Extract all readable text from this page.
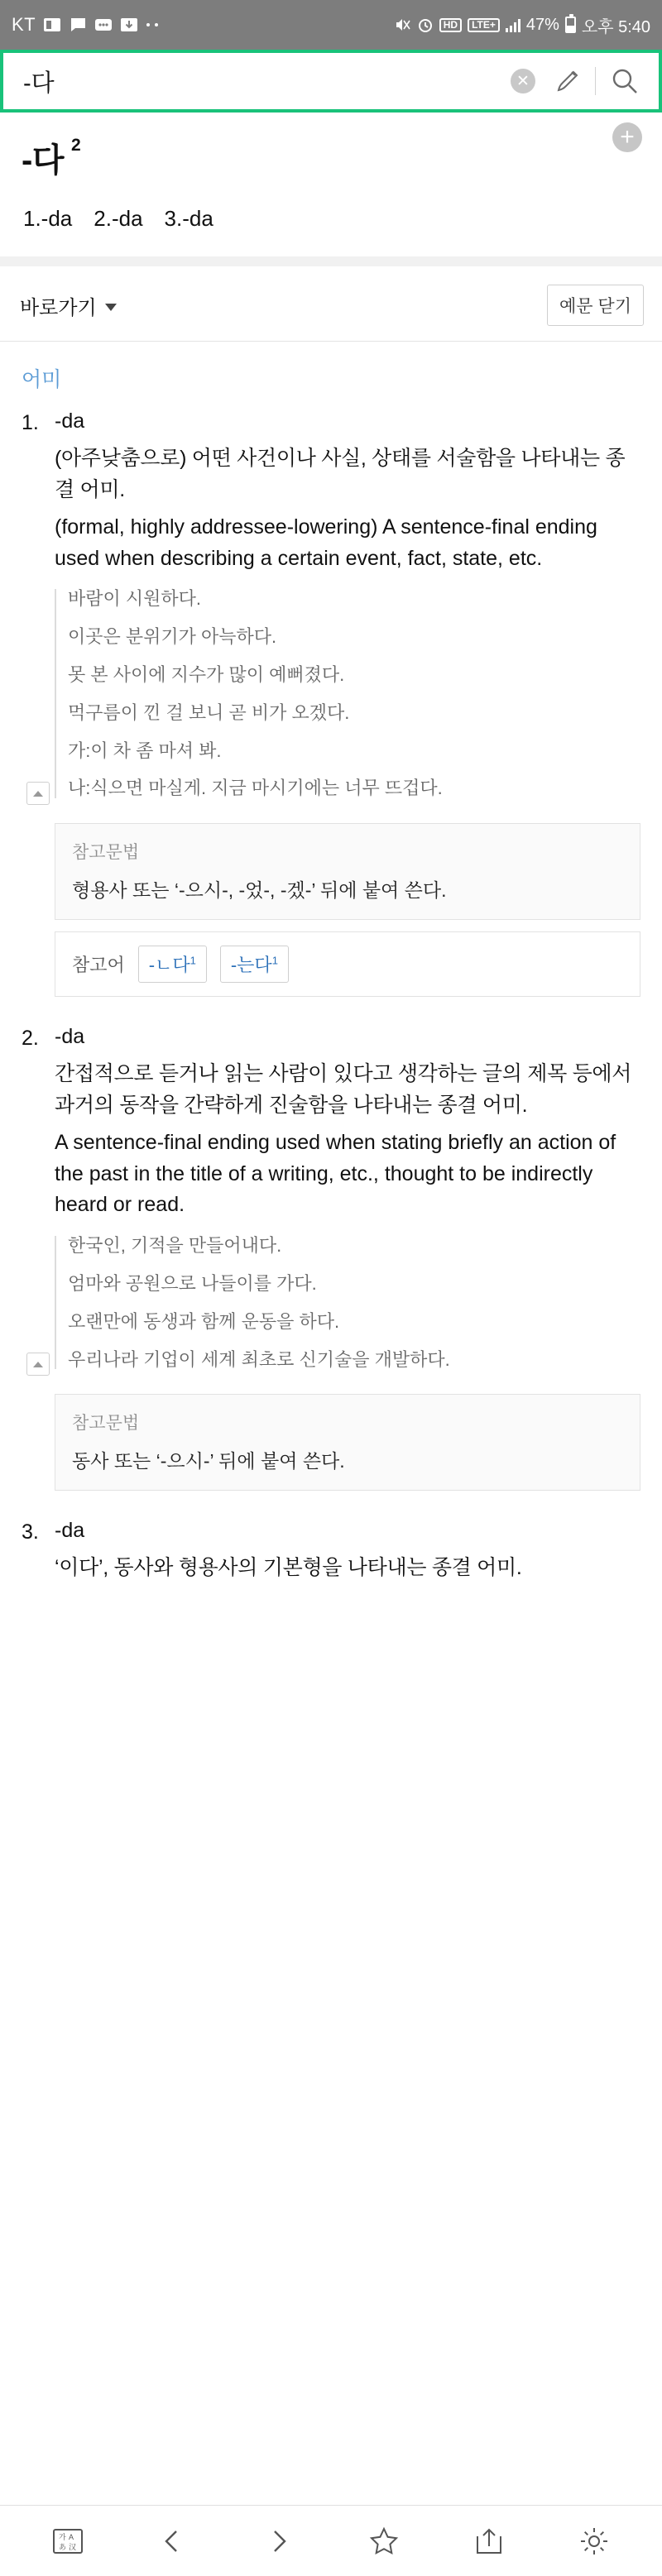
KT	HD	LTE+ 47% 오후 5:40
-다
✕
+
-다 $^2$
1.-da 2.-da 3.-da
바로가기	예문 닫기
어미
1. -da
(아주낮춤으로) 어떤 사건이나 사실, 상태를 서술함을 나타내는 종결 어미.
(formal, highly addressee-lowering) A sentence-final ending used when describing a certain event, fact, state, etc.
바람이 시원하다.
이곳은 분위기가 아늑하다.
못 본 사이에 지수가 많이 예뻐졌다.
먹구름이 낀 걸 보니 곧 비가 오겠다.
가:이 차 좀 마셔 봐.
나:식으면 마실게. 지금 마시기에는 너무 뜨겁다.
참고문법
형용사 또는 ‘-으시-, -었-, -겠-’ 뒤에 붙여 쓴다.
참고어	-ㄴ다$^1$	-는다$^1$
2. -da
간접적으로 듣거나 읽는 사람이 있다고 생각하는 글의 제목 등에서 과거의 동작을 간략하게 진술함을 나타내는 종결 어미.
A sentence-final ending used when stating briefly an action of the past in the title of a writing, etc., thought to be indirectly heard or read.
한국인, 기적을 만들어내다.
엄마와 공원으로 나들이를 가다.
오랜만에 동생과 함께 운동을 하다.
우리나라 기업이 세계 최초로 신기술을 개발하다.
참고문법
동사 또는 ‘-으시-’ 뒤에 붙여 쓴다.
3. -da
‘이다’, 동사와 형용사의 기본형을 나타내는 종결 어미.
가 A
あ 汉
